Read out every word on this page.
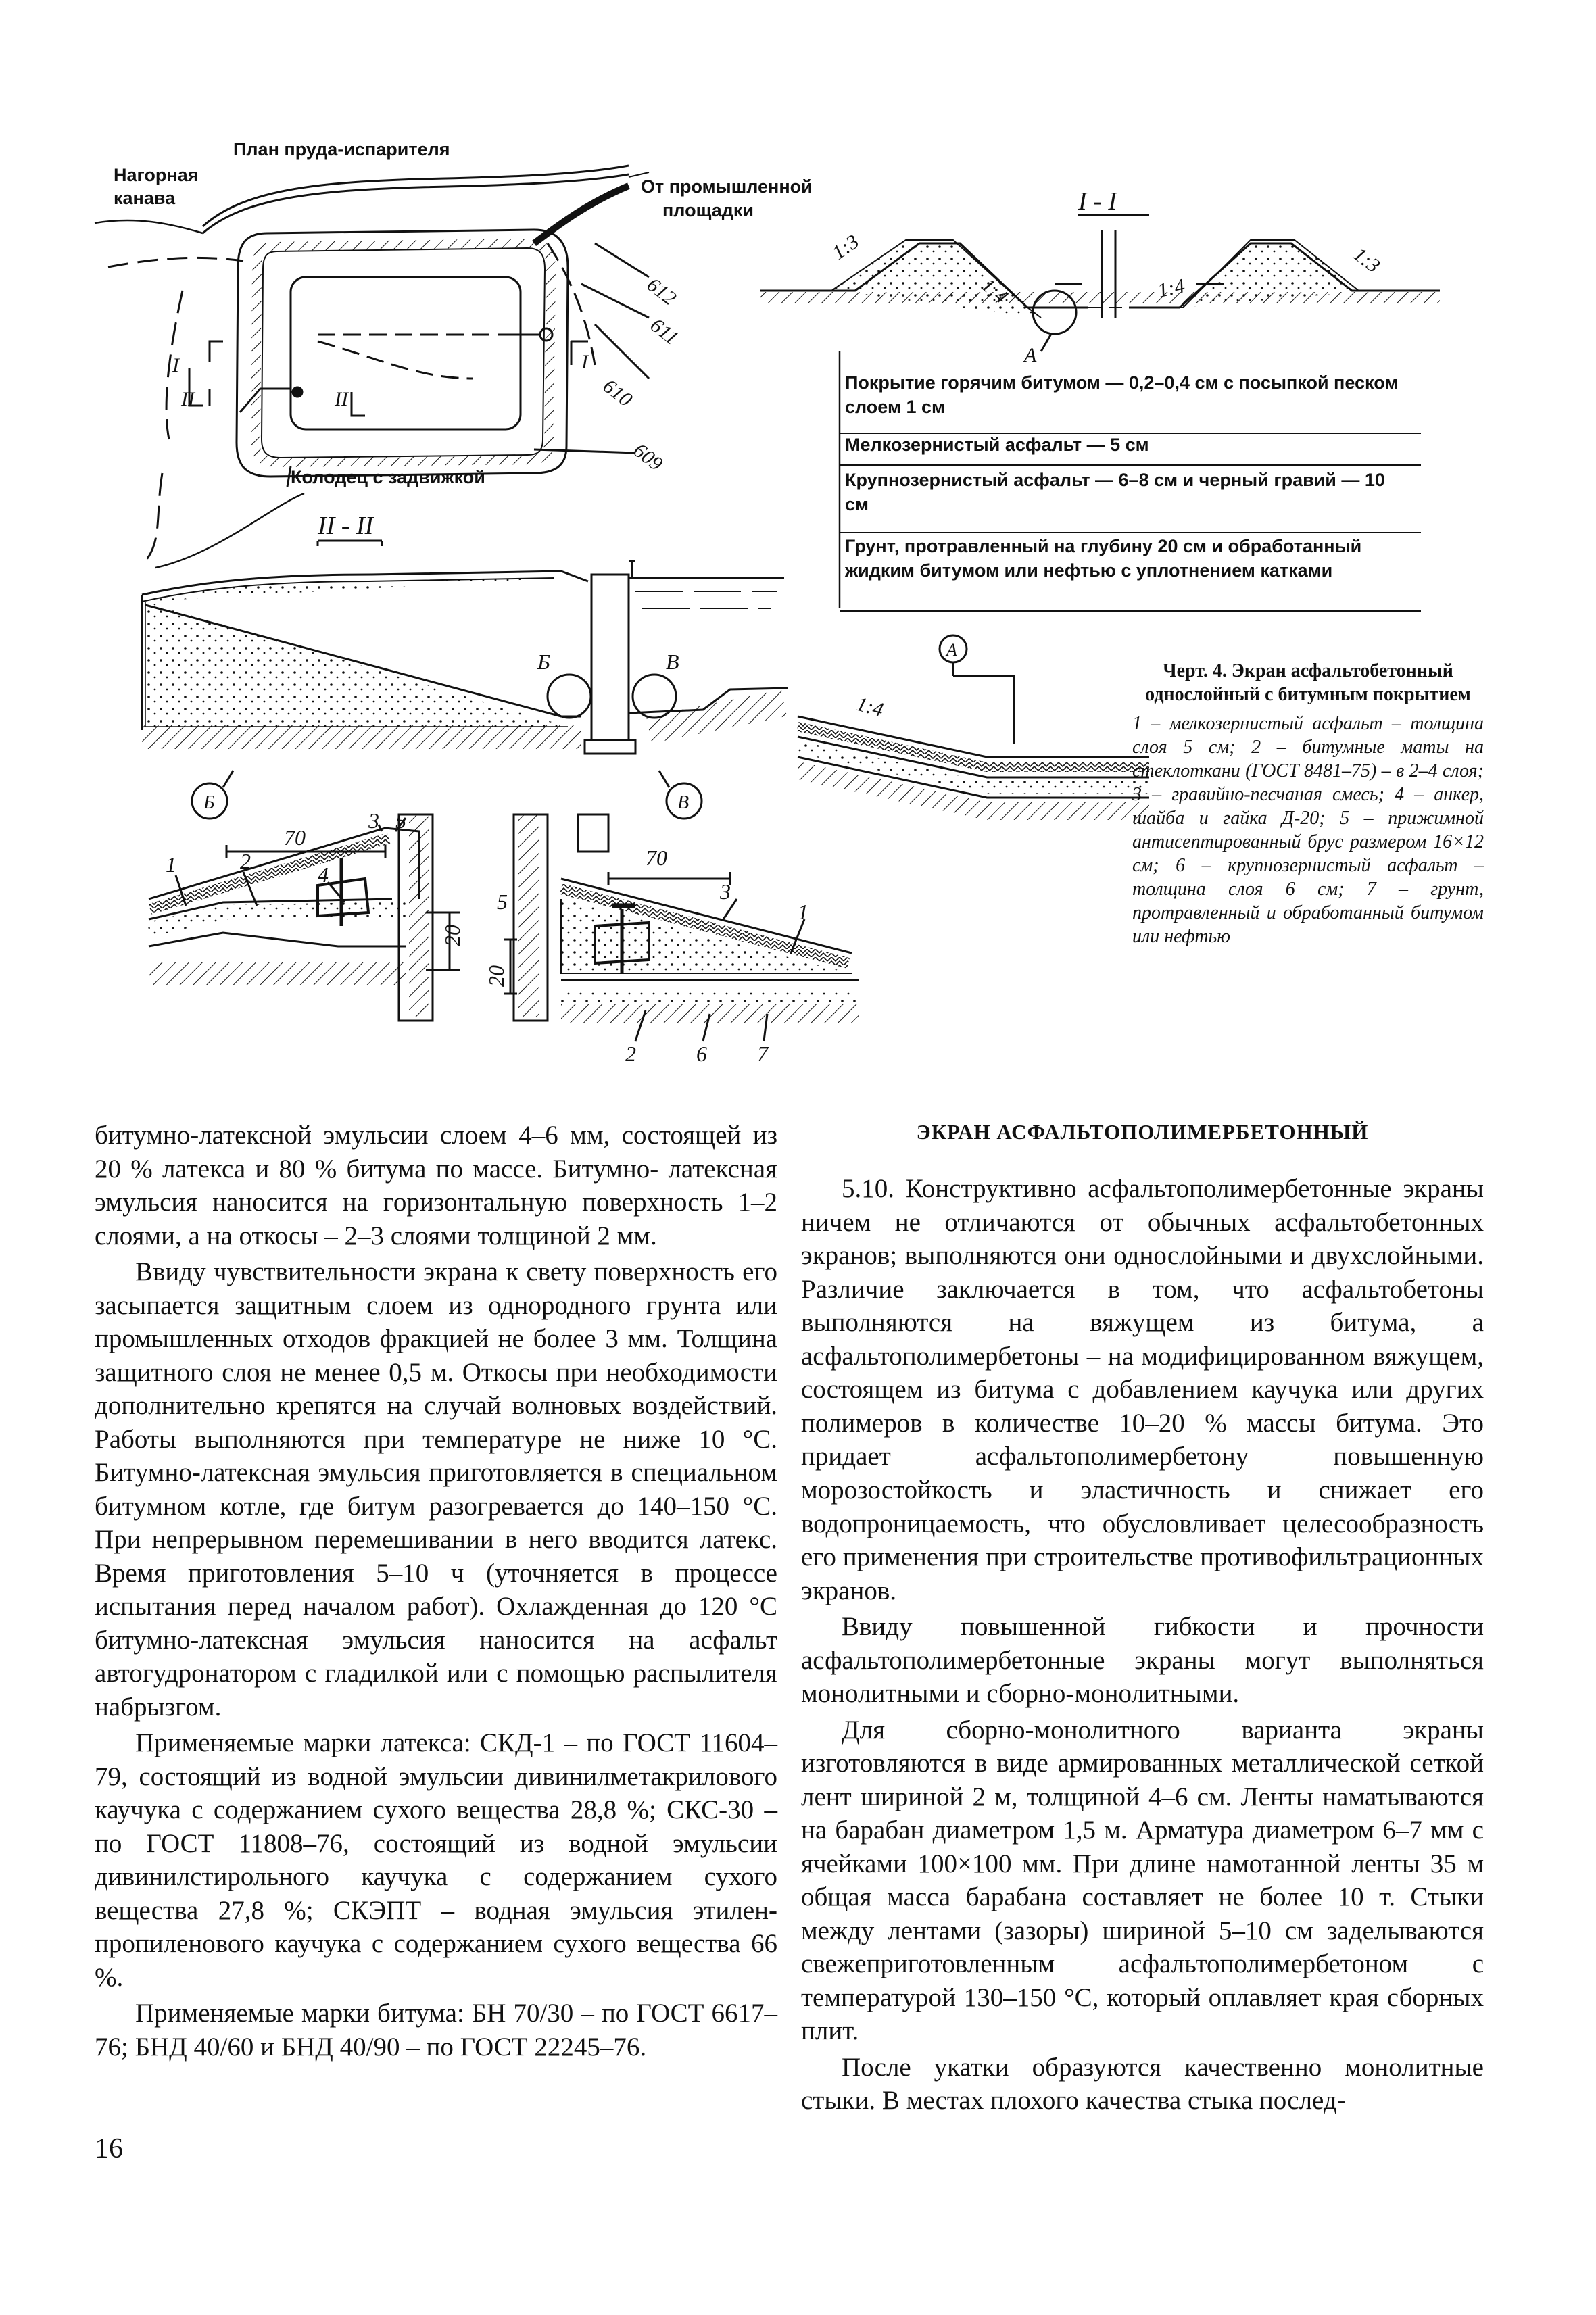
План пруда-испарителя
Нагорная
канава
От промышленной
площадки
Колодец с задвижкой
612
611
610
609
I
II
I
II
I - I
1:3
1:4	1:4
1:3
А
II - II
Б	В
В
Б
А
1:4
70
3 5
1	2
4
20
70
5	3
1
20
2	6 7
Покрытие горячим битумом — 0,2–0,4 см с посыпкой песком слоем 1 см
Мелкозернистый асфальт — 5 см
Крупнозернистый асфальт — 6–8 см и черный гравий — 10 см
Грунт, протравленный на глубину 20 см и обработанный жидким битумом или нефтью с уплотнением катками
Черт. 4. Экран асфальтобетонный однослойный с битумным покрытием
1 – мелкозернистый асфальт – толщина слоя 5 см; 2 – битумные маты на стеклоткани (ГОСТ 8481–75) – в 2–4 слоя; 3 – гравийно-песчаная смесь; 4 – анкер, шайба и гайка Д-20; 5 – прижимной антисептированный брус размером 16×12 см; 6 – крупнозернистый асфальт – толщина слоя 6 см; 7 – грунт, протравленный и обработанный битумом или нефтью

битумно-латексной эмульсии слоем 4–6 мм, состоящей из 20 % латекса и 80 % битума по массе. Битумно- латексная эмульсия наносится на горизонтальную поверхность 1–2 слоями, а на откосы – 2–3 слоями толщиной 2 мм.

Ввиду чувствительности экрана к свету поверхность его засыпается защитным слоем из однородного грунта или промышленных отходов фракцией не более 3 мм. Толщина защитного слоя не менее 0,5 м. Откосы при необходимости дополнительно крепятся на случай волновых воздействий. Работы выполняются при температуре не ниже 10 °С. Битумно-латексная эмульсия приготовляется в специальном битумном котле, где битум разогревается до 140–150 °С. При непрерывном перемешивании в него вводится латекс. Время приготовления 5–10 ч (уточняется в процессе испытания перед началом работ). Охлажденная до 120 °С битумно-латексная эмульсия наносится на асфальт автогудронатором с гладилкой или с помощью распылителя набрызгом.

Применяемые марки латекса: СКД-1 – по ГОСТ 11604–79, состоящий из водной эмульсии дивинилметакрилового каучука с содержанием сухого вещества 28,8 %; СКС-30 – по ГОСТ 11808–76, состоящий из водной эмульсии дивинилстирольного каучука с содержанием сухого вещества 27,8 %; СКЭПТ – водная эмульсия этилен-пропиленового каучука с содержанием сухого вещества 66 %.

Применяемые марки битума: БН 70/30 – по ГОСТ 6617–76; БНД 40/60 и БНД 40/90 – по ГОСТ 22245–76.

ЭКРАН АСФАЛЬТОПОЛИМЕРБЕТОННЫЙ

5.10. Конструктивно асфальтополимербетонные экраны ничем не отличаются от обычных асфальтобетонных экранов; выполняются они однослойными и двухслойными. Различие заключается в том, что асфальтобетоны выполняются на вяжущем из битума, а асфальтополимербетоны – на модифицированном вяжущем, состоящем из битума с добавлением каучука или других полимеров в количестве 10–20 % массы битума. Это придает асфальтополимербетону повышенную морозостойкость и эластичность и снижает его водопроницаемость, что обусловливает целесообразность его применения при строительстве противофильтрационных экранов.

Ввиду повышенной гибкости и прочности асфальтополимербетонные экраны могут выполняться монолитными и сборно-монолитными.

Для сборно-монолитного варианта экраны изготовляются в виде армированных металлической сеткой лент шириной 2 м, толщиной 4–6 см. Ленты наматываются на барабан диаметром 1,5 м. Арматура диаметром 6–7 мм с ячейками 100×100 мм. При длине намотанной ленты 35 м общая масса барабана составляет не более 10 т. Стыки между лентами (зазоры) шириной 5–10 см заделываются свежеприготовленным асфальтополимербетоном с температурой 130–150 °С, который оплавляет края сборных плит.

После укатки образуются качественно монолитные стыки. В местах плохого качества стыка послед-

16
